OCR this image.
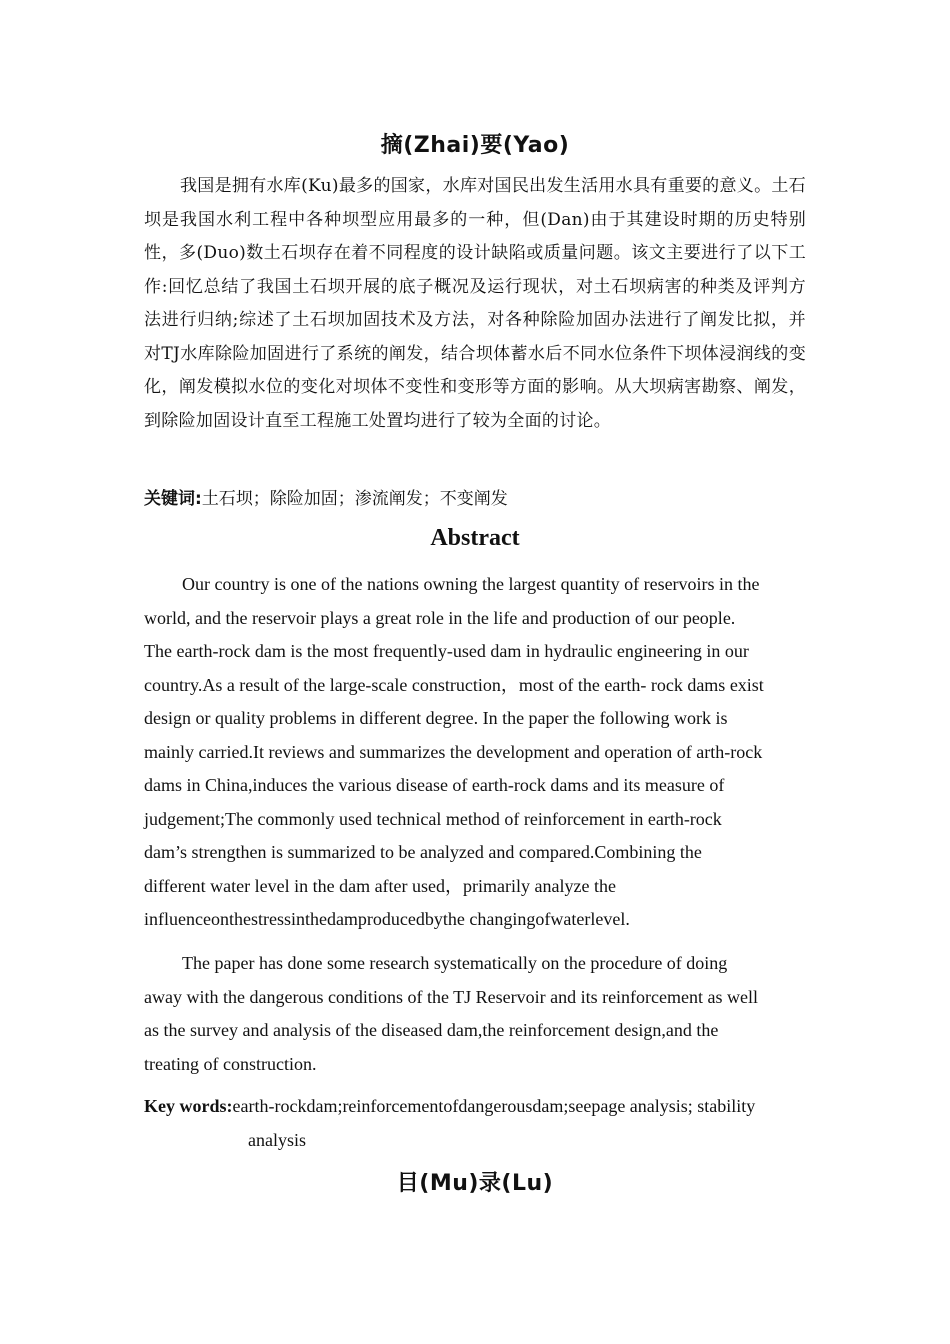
摘(Zhai)要(Yao)
我国是拥有水库(Ku)最多的国家，水库对国民出发生活用水具有重要的意义。土石坝是我国水利工程中各种坝型应用最多的一种，但(Dan)由于其建设时期的历史特别性，多(Duo)数土石坝存在着不同程度的设计缺陷或质量问题。该文主要进行了以下工作:回忆总结了我国土石坝开展的底子概况及运行现状，对土石坝病害的种类及评判方法进行归纳;综述了土石坝加固技术及方法，对各种除险加固办法进行了阐发比拟，并对TJ水库除险加固进行了系统的阐发，结合坝体蓄水后不同水位条件下坝体浸润线的变化，阐发模拟水位的变化对坝体不变性和变形等方面的影响。从大坝病害勘察、阐发，到除险加固设计直至工程施工处置均进行了较为全面的讨论。
关键词:土石坝；除险加固；渗流阐发；不变阐发
Abstract
Our country is one of the nations owning the largest quantity of reservoirs in the
world, and the reservoir plays a great role in the life and production of our people.
The earth-rock dam is the most frequently-used dam in hydraulic engineering in our
country.As a result of the large-scale construction，most of the earth- rock dams exist
design or quality problems in different degree. In the paper the following work is
mainly carried.It reviews and summarizes the development and operation of arth-rock
dams in China,induces the various disease of earth-rock dams and its measure of
judgement;The commonly used technical method of reinforcement in earth-rock
dam’s strengthen is summarized to be analyzed and compared.Combining the
different water level in the dam after used，primarily analyze the
influenceonthestressinthedamproducedbythe changingofwaterlevel.
The paper has done some research systematically on the procedure of doing
away with the dangerous conditions of the TJ Reservoir and its reinforcement as well
as the survey and analysis of the diseased dam,the reinforcement design,and the
treating of construction.
Key words:earth-rockdam;reinforcementofdangerousdam;seepage analysis; stability
analysis
目(Mu)录(Lu)
